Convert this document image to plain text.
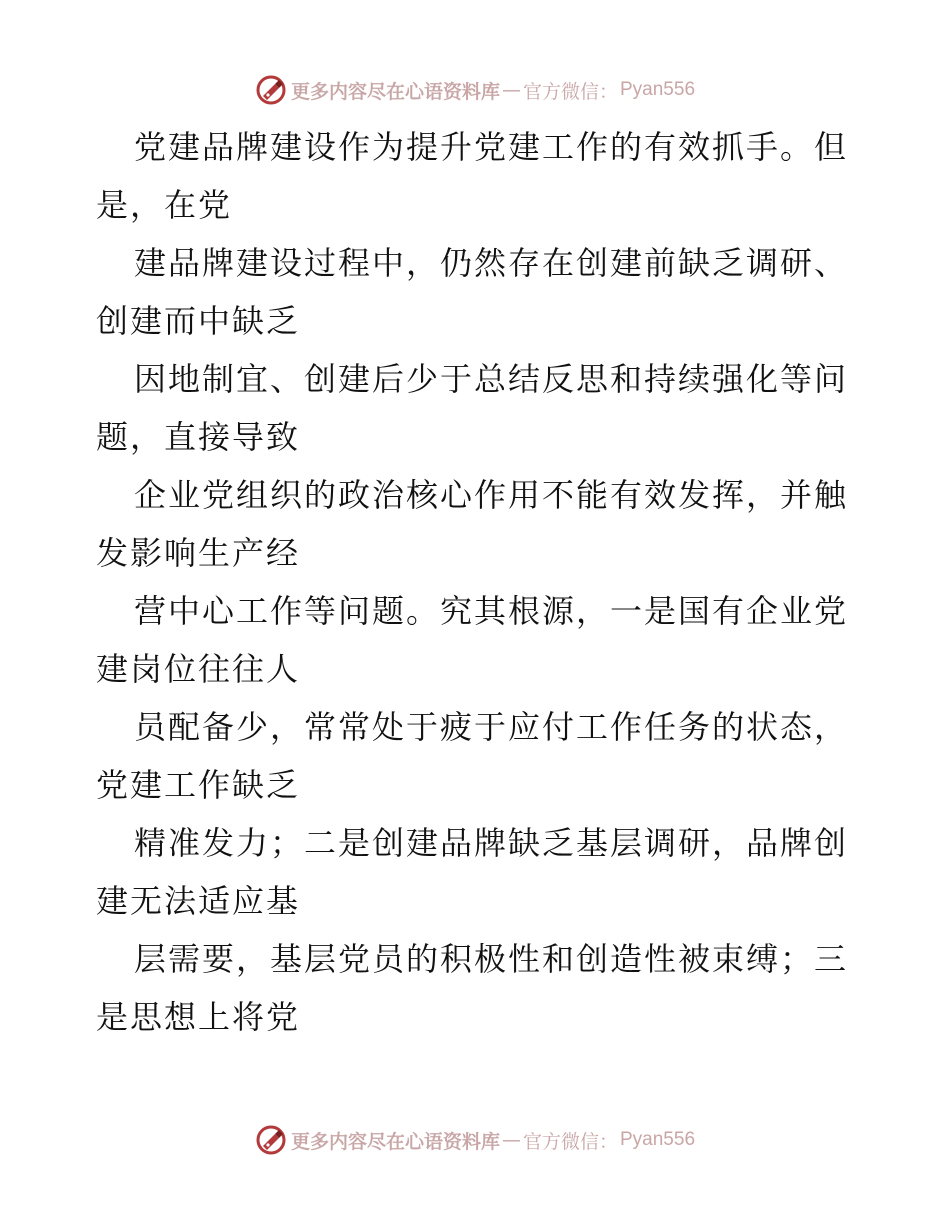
更多内容尽在心语资料库 — 官方微信： Pyan556
党建品牌建设作为提升党建工作的有效抓手。但
是，在党
建品牌建设过程中，仍然存在创建前缺乏调研、
创建而中缺乏
因地制宜、创建后少于总结反思和持续强化等问
题，直接导致
企业党组织的政治核心作用不能有效发挥，并触
发影响生产经
营中心工作等问题。究其根源，一是国有企业党
建岗位往往人
员配备少，常常处于疲于应付工作任务的状态，
党建工作缺乏
精准发力；二是创建品牌缺乏基层调研，品牌创
建无法适应基
层需要，基层党员的积极性和创造性被束缚；三
是思想上将党
更多内容尽在心语资料库 — 官方微信： Pyan556
